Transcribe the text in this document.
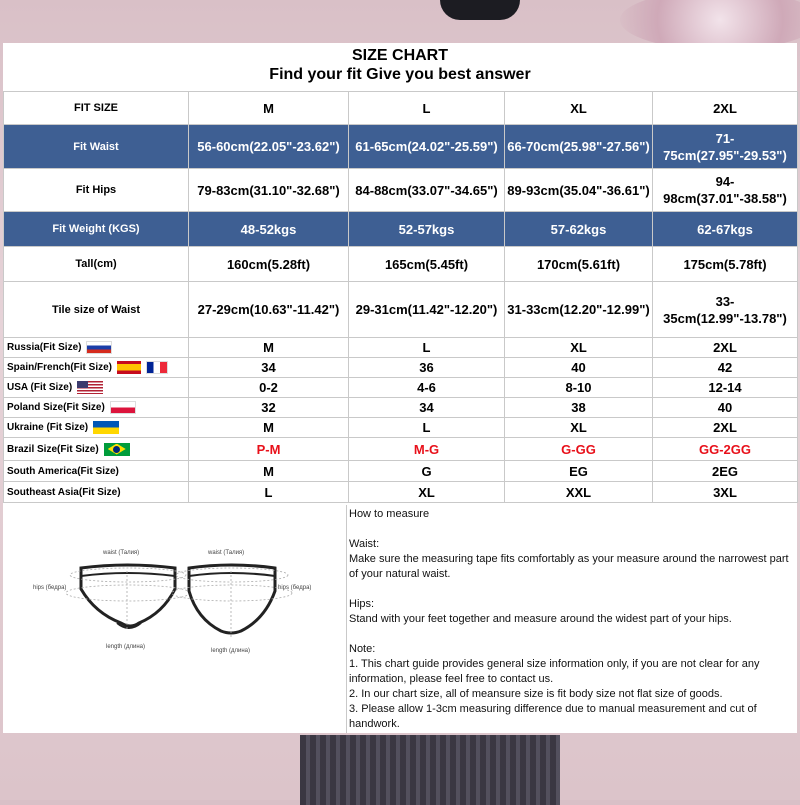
SIZE CHART
Find your fit Give you best answer
FIT SIZE	M	L	XL	2XL
Fit Waist	56-60cm(22.05"-23.62")	61-65cm(24.02"-25.59")	66-70cm(25.98"-27.56")	71-75cm(27.95"-29.53")
Fit Hips	79-83cm(31.10"-32.68")	84-88cm(33.07"-34.65")	89-93cm(35.04"-36.61")	94-98cm(37.01"-38.58")
Fit Weight (KGS)	48-52kgs	52-57kgs	57-62kgs	62-67kgs
Tall(cm)	160cm(5.28ft)	165cm(5.45ft)	170cm(5.61ft)	175cm(5.78ft)
Tile size of Waist	27-29cm(10.63"-11.42")	29-31cm(11.42"-12.20")	31-33cm(12.20"-12.99")	33-35cm(12.99"-13.78")
Russia(Fit Size)	M	L	XL	2XL
Spain/French(Fit Size)	34	36	40	42
USA (Fit Size)	0-2	4-6	8-10	12-14
Poland Size(Fit Size)	32	34	38	40
Ukraine (Fit Size)	M	L	XL	2XL
Brazil Size(Fit Size)	P-M	M-G	G-GG	GG-2GG
South America(Fit Size)	M	G	EG	2EG
Southeast Asia(Fit Size)	L	XL	XXL	3XL
waist (Талия)	waist (Талия)
hips (бедра)	hips (бедра)
length (длина)
length (длина)

How to measure

Waist:

Make sure the measuring tape fits comfortably as your measure around the narrowest part of your natural waist.

Hips:

Stand with your feet together and measure around the widest part of your hips.

Note:

1. This chart guide provides general size information only, if you are not clear for any information, please feel free to contact us.

2. In our chart size, all of meansure size is fit body size not flat size of goods.

3. Please allow 1-3cm measuring difference due to manual measurement and cut of handwork.
